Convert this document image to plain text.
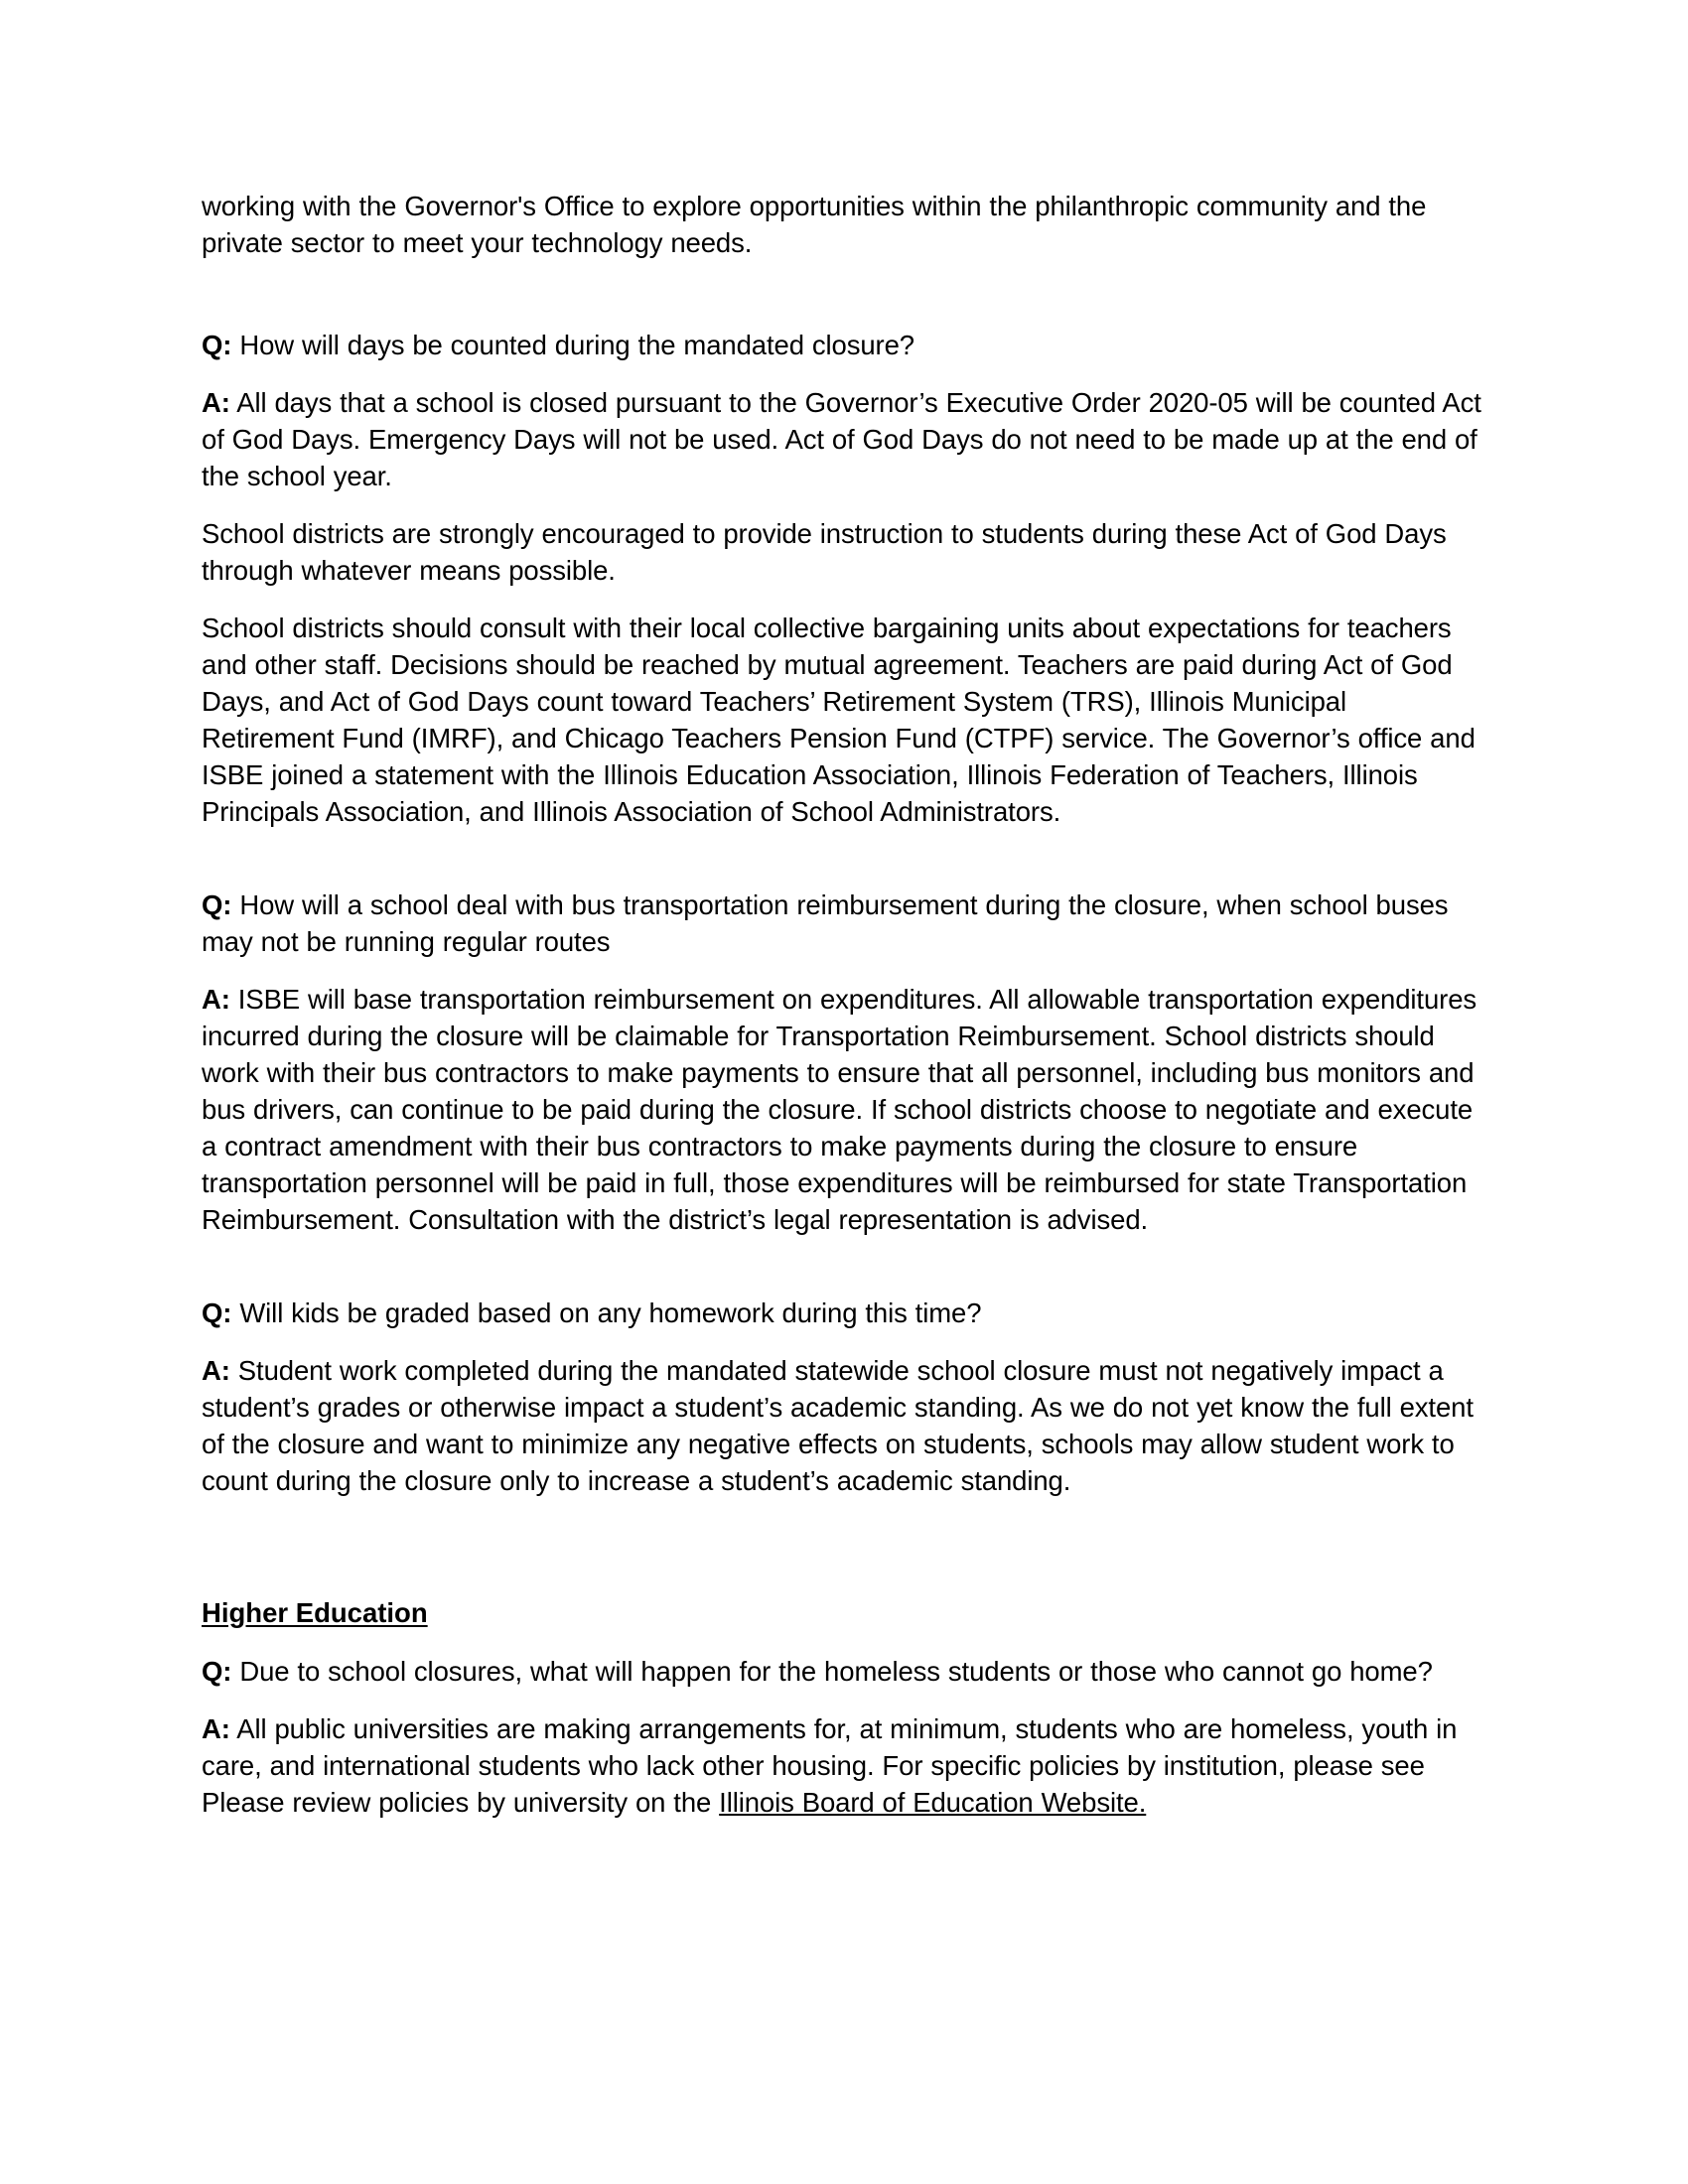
working with the Governor's Office to explore opportunities within the philanthropic community and the private sector to meet your technology needs.

Q: How will days be counted during the mandated closure?

A: All days that a school is closed pursuant to the Governor’s Executive Order 2020-05 will be counted Act of God Days. Emergency Days will not be used. Act of God Days do not need to be made up at the end of the school year.

School districts are strongly encouraged to provide instruction to students during these Act of God Days through whatever means possible.

School districts should consult with their local collective bargaining units about expectations for teachers and other staff. Decisions should be reached by mutual agreement. Teachers are paid during Act of God Days, and Act of God Days count toward Teachers’ Retirement System (TRS), Illinois Municipal Retirement Fund (IMRF), and Chicago Teachers Pension Fund (CTPF) service. The Governor’s office and ISBE joined a statement with the Illinois Education Association, Illinois Federation of Teachers, Illinois Principals Association, and Illinois Association of School Administrators.

Q: How will a school deal with bus transportation reimbursement during the closure, when school buses may not be running regular routes

A: ISBE will base transportation reimbursement on expenditures. All allowable transportation expenditures incurred during the closure will be claimable for Transportation Reimbursement. School districts should work with their bus contractors to make payments to ensure that all personnel, including bus monitors and bus drivers, can continue to be paid during the closure. If school districts choose to negotiate and execute a contract amendment with their bus contractors to make payments during the closure to ensure transportation personnel will be paid in full, those expenditures will be reimbursed for state Transportation Reimbursement. Consultation with the district’s legal representation is advised.

Q: Will kids be graded based on any homework during this time?

A: Student work completed during the mandated statewide school closure must not negatively impact a student’s grades or otherwise impact a student’s academic standing. As we do not yet know the full extent of the closure and want to minimize any negative effects on students, schools may allow student work to count during the closure only to increase a student’s academic standing.

Higher Education

Q: Due to school closures, what will happen for the homeless students or those who cannot go home?

A: All public universities are making arrangements for, at minimum, students who are homeless, youth in care, and international students who lack other housing. For specific policies by institution, please see Please review policies by university on the Illinois Board of Education Website.
